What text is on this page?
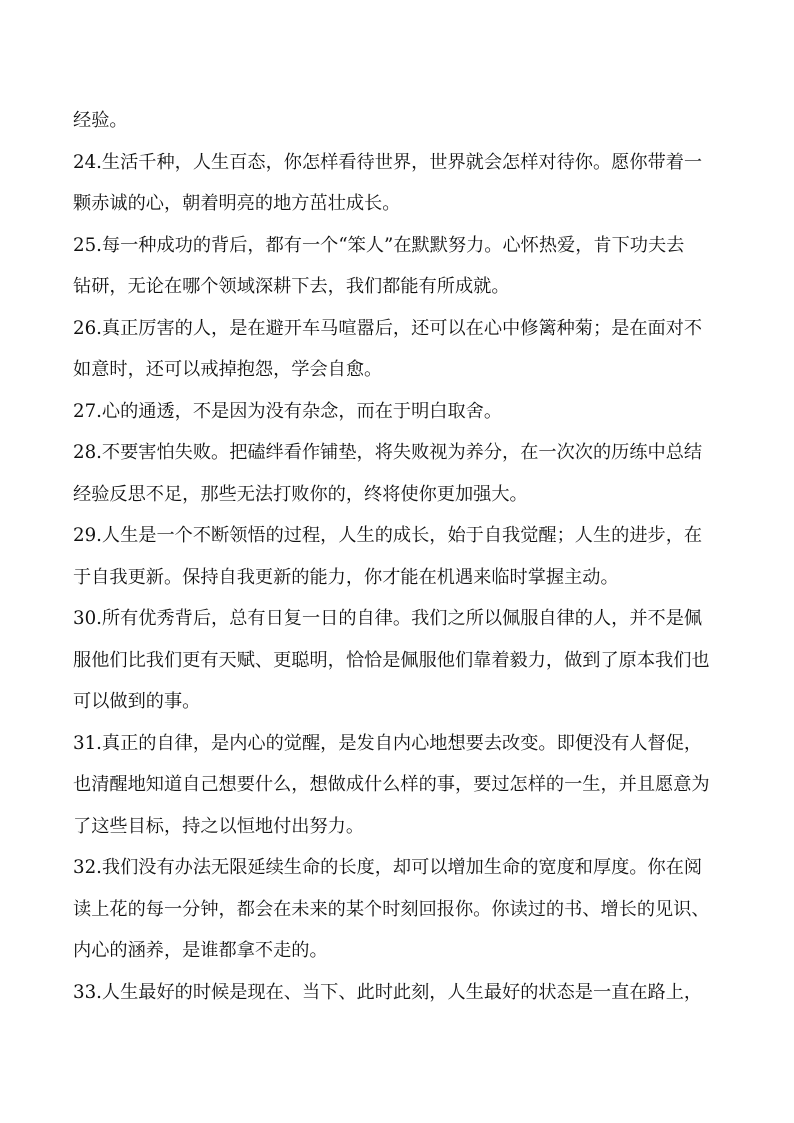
经验。
24.生活千种，人生百态，你怎样看待世界，世界就会怎样对待你。愿你带着一
颗赤诚的心，朝着明亮的地方茁壮成长。
25.每一种成功的背后，都有一个“笨人”在默默努力。心怀热爱，肯下功夫去
钻研，无论在哪个领域深耕下去，我们都能有所成就。
26.真正厉害的人，是在避开车马喧嚣后，还可以在心中修篱种菊；是在面对不
如意时，还可以戒掉抱怨，学会自愈。
27.心的通透，不是因为没有杂念，而在于明白取舍。
28.不要害怕失败。把磕绊看作铺垫，将失败视为养分，在一次次的历练中总结
经验反思不足，那些无法打败你的，终将使你更加强大。
29.人生是一个不断领悟的过程，人生的成长，始于自我觉醒；人生的进步，在
于自我更新。保持自我更新的能力，你才能在机遇来临时掌握主动。
30.所有优秀背后，总有日复一日的自律。我们之所以佩服自律的人，并不是佩
服他们比我们更有天赋、更聪明，恰恰是佩服他们靠着毅力，做到了原本我们也
可以做到的事。
31.真正的自律，是内心的觉醒，是发自内心地想要去改变。即便没有人督促，
也清醒地知道自己想要什么，想做成什么样的事，要过怎样的一生，并且愿意为
了这些目标，持之以恒地付出努力。
32.我们没有办法无限延续生命的长度，却可以增加生命的宽度和厚度。你在阅
读上花的每一分钟，都会在未来的某个时刻回报你。你读过的书、增长的见识、
内心的涵养，是谁都拿不走的。
33.人生最好的时候是现在、当下、此时此刻，人生最好的状态是一直在路上，
